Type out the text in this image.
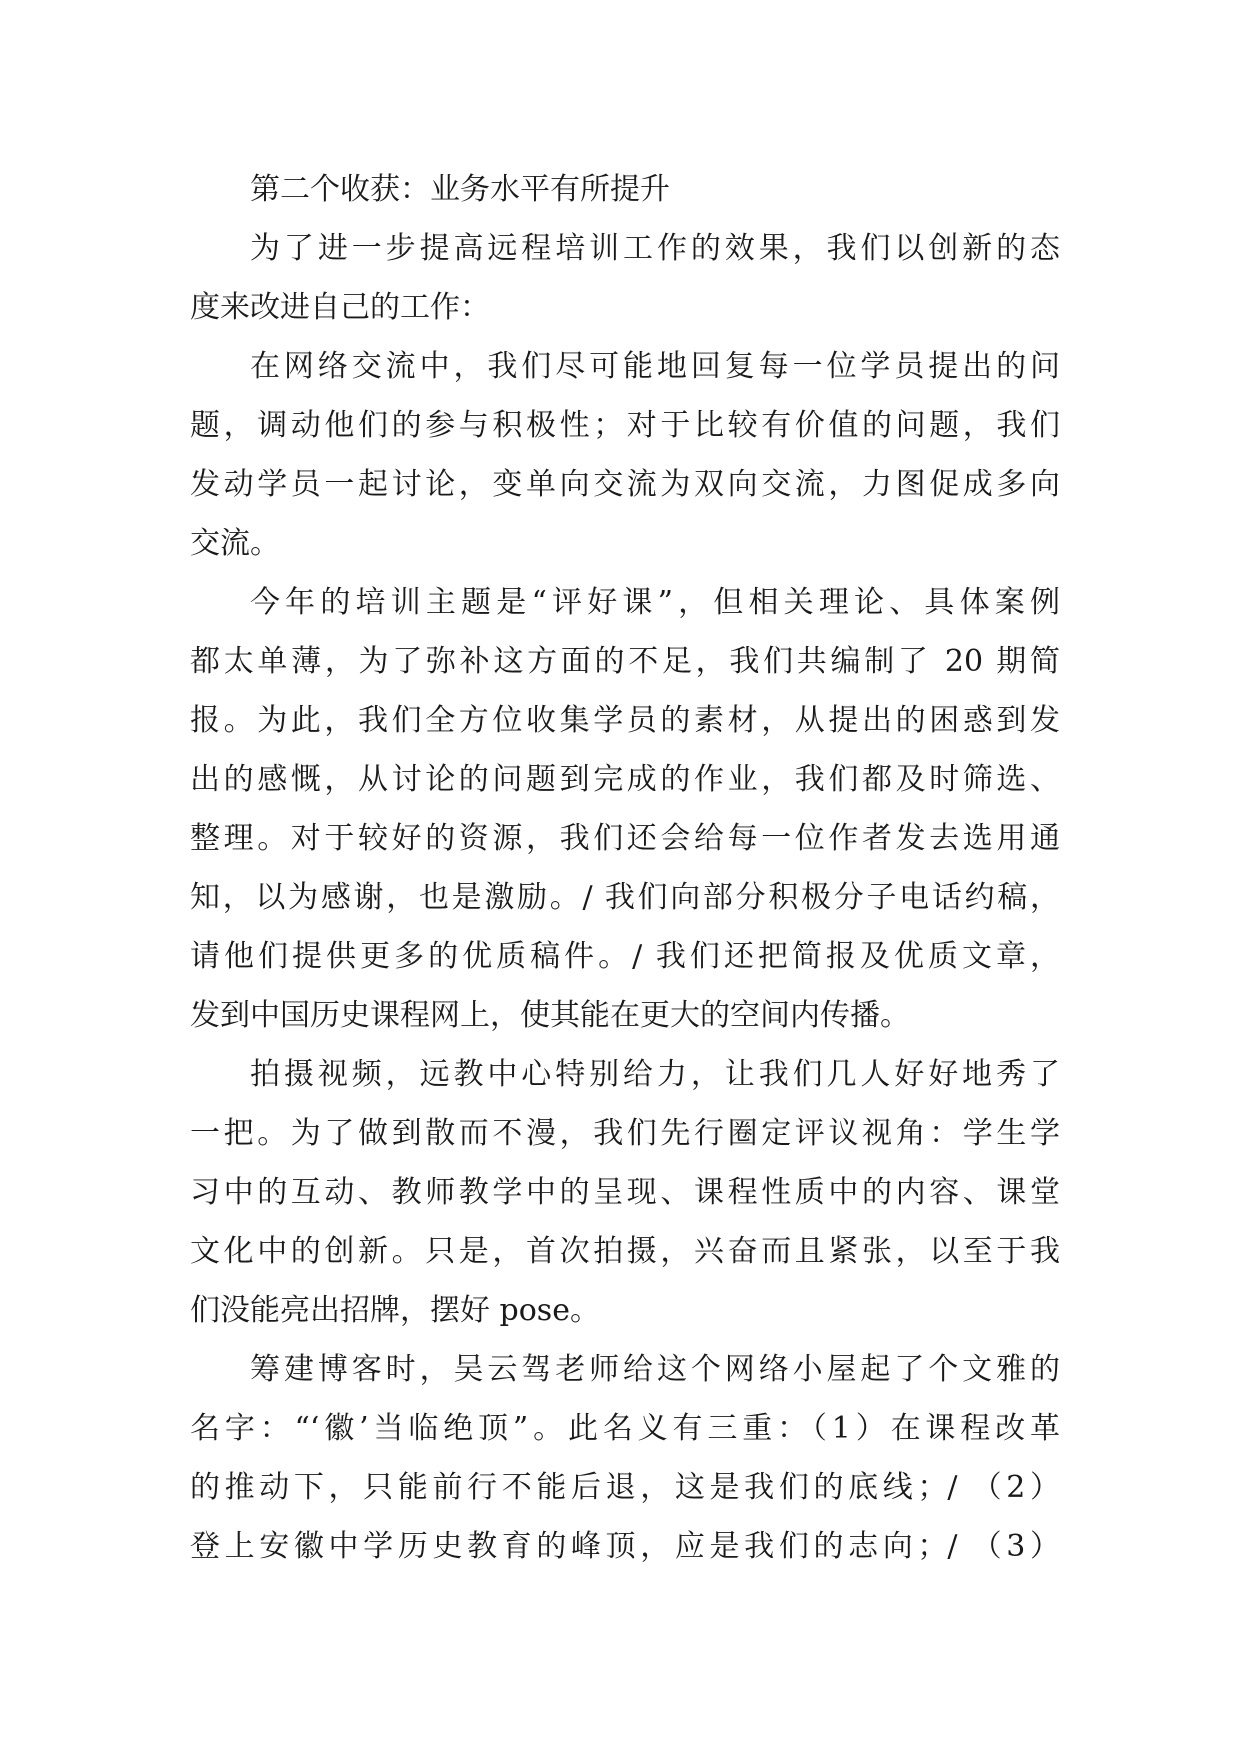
第二个收获：业务水平有所提升
为了进一步提高远程培训工作的效果，我们以创新的态
度来改进自己的工作：
在网络交流中，我们尽可能地回复每一位学员提出的问
题，调动他们的参与积极性；对于比较有价值的问题，我们
发动学员一起讨论，变单向交流为双向交流，力图促成多向
交流。
今年的培训主题是“评好课”，但相关理论、具体案例
都太单薄，为了弥补这方面的不足，我们共编制了 20 期简
报。为此，我们全方位收集学员的素材，从提出的困惑到发
出的感慨，从讨论的问题到完成的作业，我们都及时筛选、
整理。对于较好的资源，我们还会给每一位作者发去选用通
知，以为感谢，也是激励。/ 我们向部分积极分子电话约稿，
请他们提供更多的优质稿件。/ 我们还把简报及优质文章，
发到中国历史课程网上，使其能在更大的空间内传播。
拍摄视频，远教中心特别给力，让我们几人好好地秀了
一把。为了做到散而不漫，我们先行圈定评议视角：学生学
习中的互动、教师教学中的呈现、课程性质中的内容、课堂
文化中的创新。只是，首次拍摄，兴奋而且紧张，以至于我
们没能亮出招牌，摆好 pose。
筹建博客时，吴云驾老师给这个网络小屋起了个文雅的
名字：“‘徽’当临绝顶”。此名义有三重：（1）在课程改革
的推动下，只能前行不能后退，这是我们的底线；/ （2）
登上安徽中学历史教育的峰顶，应是我们的志向；/ （3）
